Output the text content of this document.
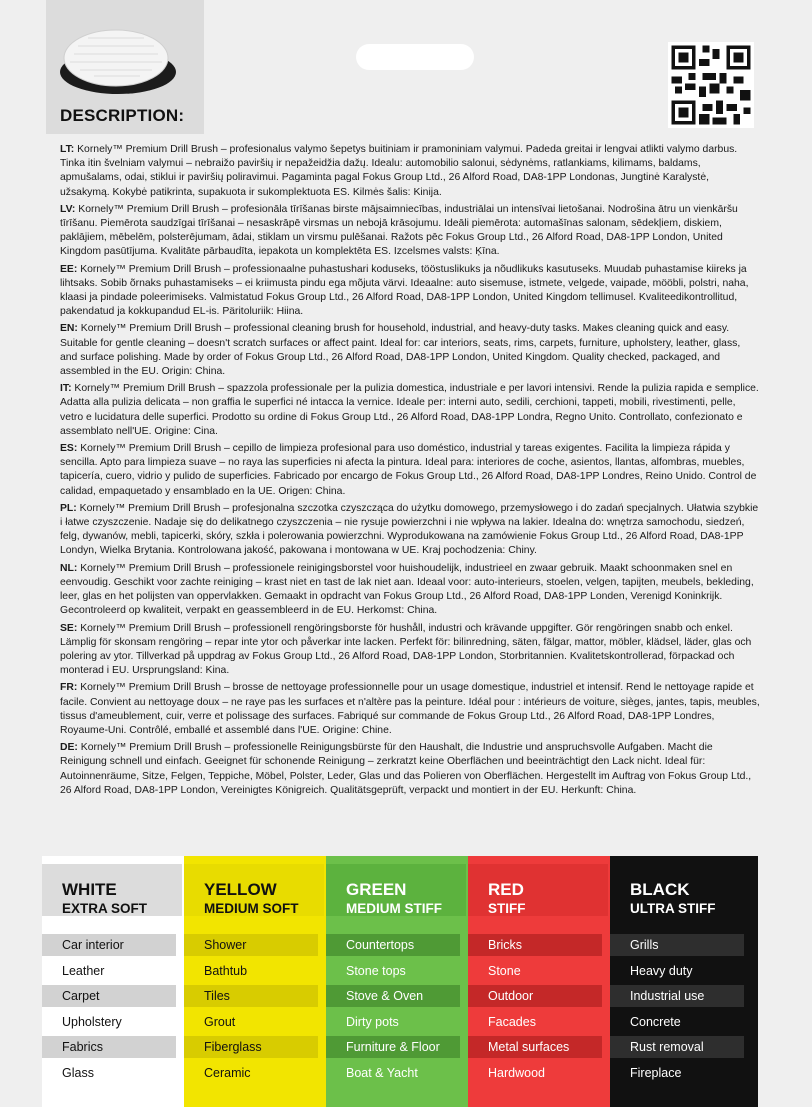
DESCRIPTION:

LT: Kornely™ Premium Drill Brush – profesionalus valymo šepetys buitiniam ir pramoniniam valymui. Padeda greitai ir lengvai atlikti valymo darbus. Tinka itin švelniam valymui – nebraižo paviršių ir nepažeidžia dažų. Idealu: automobilio salonui, sėdynėms, ratlankiams, kilimams, baldams, apmušalams, odai, stiklui ir paviršių poliravimui. Pagaminta pagal Fokus Group Ltd., 26 Alford Road, DA8-1PP Londonas, Jungtinė Karalystė, užsakymą. Kokybė patikrinta, supakuota ir sukomplektuota ES. Kilmės šalis: Kinija.

LV: Kornely™ Premium Drill Brush – profesionāla tīrīšanas birste mājsaimniecības, industriālai un intensīvai lietošanai. Nodrošina ātru un vienkāršu tīrīšanu. Piemērota saudzīgai tīrīšanai – nesaskrāpē virsmas un nebojā krāsojumu. Ideāli piemērota: automašīnas salonam, sēdekļiem, diskiem, paklājiem, mēbelēm, polsterējumam, ādai, stiklam un virsmu pulēšanai. Ražots pēc Fokus Group Ltd., 26 Alford Road, DA8-1PP London, United Kingdom pasūtījuma. Kvalitāte pārbaudīta, iepakota un komplektēta ES. Izcelsmes valsts: Ķīna.

EE: Kornely™ Premium Drill Brush – professionaalne puhastushari koduseks, tööstuslikuks ja nõudlikuks kasutuseks. Muudab puhastamise kiireks ja lihtsaks. Sobib õrnaks puhastamiseks – ei kriimusta pindu ega mõjuta värvi. Ideaalne: auto sisemuse, istmete, velgede, vaipade, mööbli, polstri, naha, klaasi ja pindade poleerimiseks. Valmistatud Fokus Group Ltd., 26 Alford Road, DA8-1PP London, United Kingdom tellimusel. Kvaliteedikontrollitud, pakendatud ja kokkupandud EL-is. Päritoluriik: Hiina.

EN: Kornely™ Premium Drill Brush – professional cleaning brush for household, industrial, and heavy-duty tasks. Makes cleaning quick and easy. Suitable for gentle cleaning – doesn't scratch surfaces or affect paint. Ideal for: car interiors, seats, rims, carpets, furniture, upholstery, leather, glass, and surface polishing. Made by order of Fokus Group Ltd., 26 Alford Road, DA8-1PP London, United Kingdom. Quality checked, packaged, and assembled in the EU. Origin: China.

IT: Kornely™ Premium Drill Brush – spazzola professionale per la pulizia domestica, industriale e per lavori intensivi. Rende la pulizia rapida e semplice. Adatta alla pulizia delicata – non graffia le superfici né intacca la vernice. Ideale per: interni auto, sedili, cerchioni, tappeti, mobili, rivestimenti, pelle, vetro e lucidatura delle superfici. Prodotto su ordine di Fokus Group Ltd., 26 Alford Road, DA8-1PP Londra, Regno Unito. Controllato, confezionato e assemblato nell'UE. Origine: Cina.

ES: Kornely™ Premium Drill Brush – cepillo de limpieza profesional para uso doméstico, industrial y tareas exigentes. Facilita la limpieza rápida y sencilla. Apto para limpieza suave – no raya las superficies ni afecta la pintura. Ideal para: interiores de coche, asientos, llantas, alfombras, muebles, tapicería, cuero, vidrio y pulido de superficies. Fabricado por encargo de Fokus Group Ltd., 26 Alford Road, DA8-1PP Londres, Reino Unido. Control de calidad, empaquetado y ensamblado en la UE. Origen: China.

PL: Kornely™ Premium Drill Brush – profesjonalna szczotka czyszcząca do użytku domowego, przemysłowego i do zadań specjalnych. Ułatwia szybkie i łatwe czyszczenie. Nadaje się do delikatnego czyszczenia – nie rysuje powierzchni i nie wpływa na lakier. Idealna do: wnętrza samochodu, siedzeń, felg, dywanów, mebli, tapicerki, skóry, szkła i polerowania powierzchni. Wyprodukowana na zamówienie Fokus Group Ltd., 26 Alford Road, DA8-1PP Londyn, Wielka Brytania. Kontrolowana jakość, pakowana i montowana w UE. Kraj pochodzenia: Chiny.

NL: Kornely™ Premium Drill Brush – professionele reinigingsborstel voor huishoudelijk, industrieel en zwaar gebruik. Maakt schoonmaken snel en eenvoudig. Geschikt voor zachte reiniging – krast niet en tast de lak niet aan. Ideaal voor: auto-interieurs, stoelen, velgen, tapijten, meubels, bekleding, leer, glas en het polijsten van oppervlakken. Gemaakt in opdracht van Fokus Group Ltd., 26 Alford Road, DA8-1PP Londen, Verenigd Koninkrijk. Gecontroleerd op kwaliteit, verpakt en geassembleerd in de EU. Herkomst: China.

SE: Kornely™ Premium Drill Brush – professionell rengöringsborste för hushåll, industri och krävande uppgifter. Gör rengöringen snabb och enkel. Lämplig för skonsam rengöring – repar inte ytor och påverkar inte lacken. Perfekt för: bilinredning, säten, fälgar, mattor, möbler, klädsel, läder, glas och polering av ytor. Tillverkad på uppdrag av Fokus Group Ltd., 26 Alford Road, DA8-1PP London, Storbritannien. Kvalitetskontrollerad, förpackad och monterad i EU. Ursprungsland: Kina.

FR: Kornely™ Premium Drill Brush – brosse de nettoyage professionnelle pour un usage domestique, industriel et intensif. Rend le nettoyage rapide et facile. Convient au nettoyage doux – ne raye pas les surfaces et n'altère pas la peinture. Idéal pour : intérieurs de voiture, sièges, jantes, tapis, meubles, tissus d'ameublement, cuir, verre et polissage des surfaces. Fabriqué sur commande de Fokus Group Ltd., 26 Alford Road, DA8-1PP Londres, Royaume-Uni. Contrôlé, emballé et assemblé dans l'UE. Origine: Chine.

DE: Kornely™ Premium Drill Brush – professionelle Reinigungsbürste für den Haushalt, die Industrie und anspruchsvolle Aufgaben. Macht die Reinigung schnell und einfach. Geeignet für schonende Reinigung – zerkratzt keine Oberflächen und beeinträchtigt den Lack nicht. Ideal für: Autoinnenräume, Sitze, Felgen, Teppiche, Möbel, Polster, Leder, Glas und das Polieren von Oberflächen. Hergestellt im Auftrag von Fokus Group Ltd., 26 Alford Road, DA8-1PP London, Vereinigtes Königreich. Qualitätsgeprüft, verpackt und montiert in der EU. Herkunft: China.

WHITE
EXTRA SOFT
Car interior
Leather
Carpet
Upholstery
Fabrics
Glass
YELLOW
MEDIUM SOFT
Shower
Bathtub
Tiles
Grout
Fiberglass
Ceramic
GREEN
MEDIUM STIFF
Countertops
Stone tops
Stove & Oven
Dirty pots
Furniture & Floor
Boat & Yacht
RED
STIFF
Bricks
Stone
Outdoor
Facades
Metal surfaces
Hardwood
BLACK
ULTRA STIFF
Grills
Heavy duty
Industrial use
Concrete
Rust removal
Fireplace
